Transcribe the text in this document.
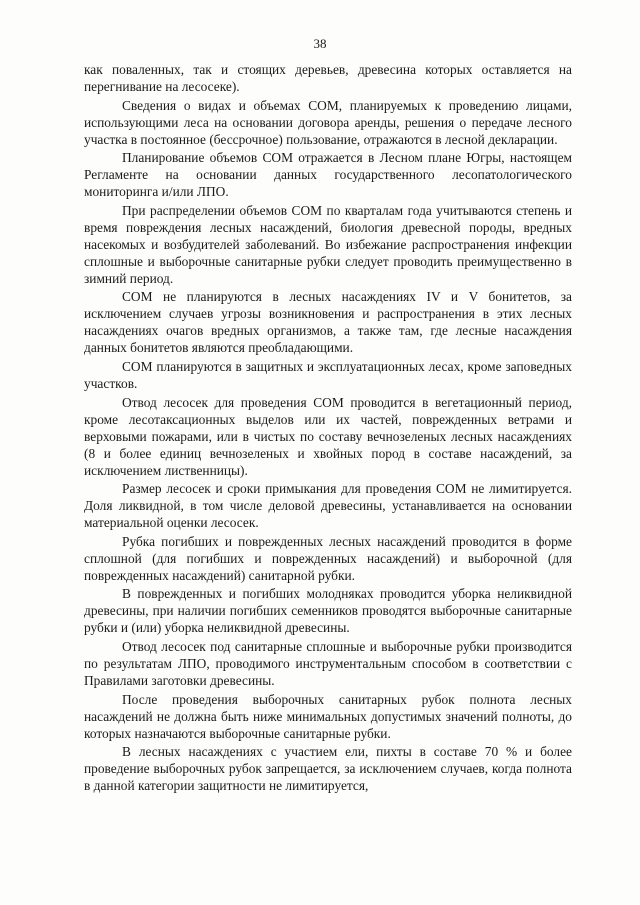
38

как поваленных, так и стоящих деревьев, древесина которых оставляется на перегнивание на лесосеке).

Сведения о видах и объемах СОМ, планируемых к проведению лицами, использующими леса на основании договора аренды, решения о передаче лесного участка в постоянное (бессрочное) пользование, отражаются в лесной декларации.

Планирование объемов СОМ отражается в Лесном плане Югры, настоящем Регламенте на основании данных государственного лесопатологического мониторинга и/или ЛПО.

При распределении объемов СОМ по кварталам года учитываются степень и время повреждения лесных насаждений, биология древесной породы, вредных насекомых и возбудителей заболеваний. Во избежание распространения инфекции сплошные и выборочные санитарные рубки следует проводить преимущественно в зимний период.

СОМ не планируются в лесных насаждениях IV и V бонитетов, за исключением случаев угрозы возникновения и распространения в этих лесных насаждениях очагов вредных организмов, а также там, где лесные насаждения данных бонитетов являются преобладающими.

СОМ планируются в защитных и эксплуатационных лесах, кроме заповедных участков.

Отвод лесосек для проведения СОМ проводится в вегетационный период, кроме лесотаксационных выделов или их частей, поврежденных ветрами и верховыми пожарами, или в чистых по составу вечнозеленых лесных насаждениях (8 и более единиц вечнозеленых и хвойных пород в составе насаждений, за исключением лиственницы).

Размер лесосек и сроки примыкания для проведения СОМ не лимитируется. Доля ликвидной, в том числе деловой древесины, устанавливается на основании материальной оценки лесосек.

Рубка погибших и поврежденных лесных насаждений проводится в форме сплошной (для погибших и поврежденных насаждений) и выборочной (для поврежденных насаждений) санитарной рубки.

В поврежденных и погибших молодняках проводится уборка неликвидной древесины, при наличии погибших семенников проводятся выборочные санитарные рубки и (или) уборка неликвидной древесины.

Отвод лесосек под санитарные сплошные и выборочные рубки производится по результатам ЛПО, проводимого инструментальным способом в соответствии с Правилами заготовки древесины.

После проведения выборочных санитарных рубок полнота лесных насаждений не должна быть ниже минимальных допустимых значений полноты, до которых назначаются выборочные санитарные рубки.

В лесных насаждениях с участием ели, пихты в составе 70 % и более проведение выборочных рубок запрещается, за исключением случаев, когда полнота в данной категории защитности не лимитируется,
